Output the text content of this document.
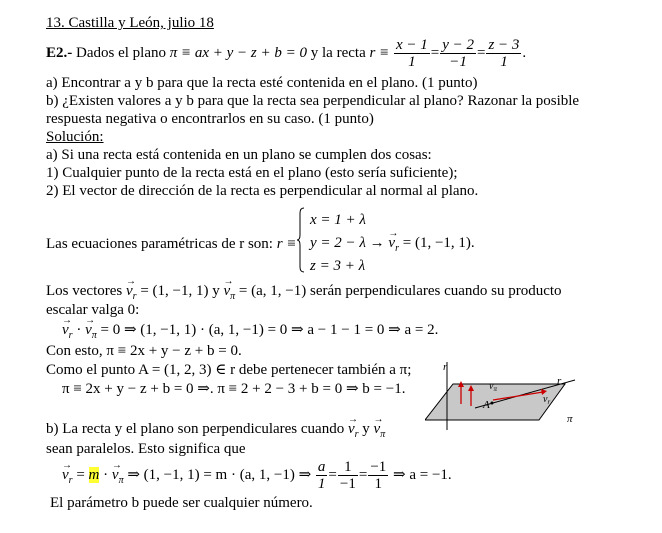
13. Castilla y León, julio 18
E2.- Dados el plano π ≡ ax + y − z + b = 0 y la recta $r \equiv \frac{x - 1}{1} = \frac{y - 2}{-1} = \frac{z - 3}{1}$ .
a) Encontrar a y b para que la recta esté contenida en el plano. (1 punto)
b) ¿Existen valores a y b para que la recta sea perpendicular al plano? Razonar la posible
respuesta negativa o encontrarlos en su caso. (1 punto)
Solución:
a) Si una recta está contenida en un plano se cumplen dos cosas:
1) Cualquier punto de la recta está en el plano (esto sería suficiente);
2) El vector de dirección de la recta es perpendicular al normal al plano.
Las ecuaciones paramétricas de r son: r ≡
x = 1 + λ
y = 2 − λ → → $v_r = (1$, −1, 1).
z = 3 + λ
Los vectores → $v_r = (1$, −1, 1) $y \to v_\pi = (a$, 1, −1) serán perpendiculares cuando su producto
escalar valga 0:
→ $v_r$ · → $v_\pi = 0$ ⇒ (1, −1, 1) · (a, 1, −1) = 0 ⇒ a − 1 − 1 = 0 ⇒ a = 2.
Con esto, π ≡ 2x + y − z + b = 0.
Como el punto A = (1, 2, 3) ∈ r debe pertenecer también a π;
π ≡ 2x + y − z + b = 0 ⇒. π ≡ 2 + 2 − 3 + b = 0 ⇒ b = −1.
r
r
A
$v_\pi$
$v_r$
π
b) La recta y el plano son perpendiculares cuando → $v_r$ $y \to v_\pi$
sean paralelos. Esto significa que
→ $v_r = m$ · → $v_\pi$ ⇒ (1, −1, 1) = m · (a, 1, −1) ⇒ $\frac{a}{1} = \frac{1}{-1} = \frac{-1}{1}$ ⇒ a = −1.
El parámetro b puede ser cualquier número.
